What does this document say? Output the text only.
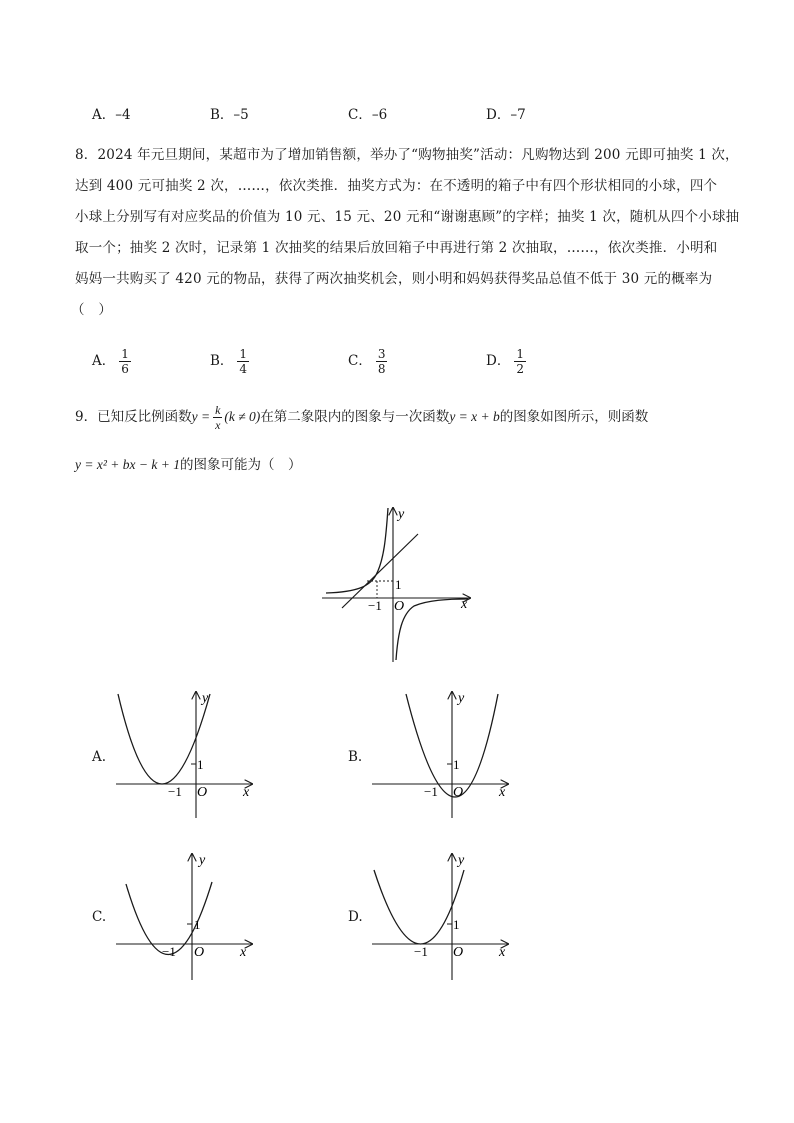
A．–4	B．–5	C．–6	D．–7
8．2024 年元旦期间，某超市为了增加销售额，举办了“购物抽奖”活动：凡购物达到 200 元即可抽奖 1 次，
达到 400 元可抽奖 2 次，……，依次类推．抽奖方式为：在不透明的箱子中有四个形状相同的小球，四个
小球上分别写有对应奖品的价值为 10 元、15 元、20 元和“谢谢惠顾”的字样；抽奖 1 次，随机从四个小球抽
取一个；抽奖 2 次时，记录第 1 次抽奖的结果后放回箱子中再进行第 2 次抽取，……，依次类推．小明和
妈妈一共购买了 420 元的物品，获得了两次抽奖机会，则小明和妈妈获得奖品总值不低于 30 元的概率为
（　）
A． $\frac{1}{6}$	B． $\frac{1}{4}$	C． $\frac{3}{8}$	D． $\frac{1}{2}$
9．已知反比例函数$y = \frac{k}{x} (k \ne 0)$在第二象限内的图象与一次函数y = x + b的图象如图所示，则函数
y = x² + bx − k + 1的图象可能为（　）
y
x
O
1
−1
A.
y
x
O
1
−1
B.
y
x
O
1
−1
C.
y
x
O
1
−1
D.
y
x
O
1
−1
